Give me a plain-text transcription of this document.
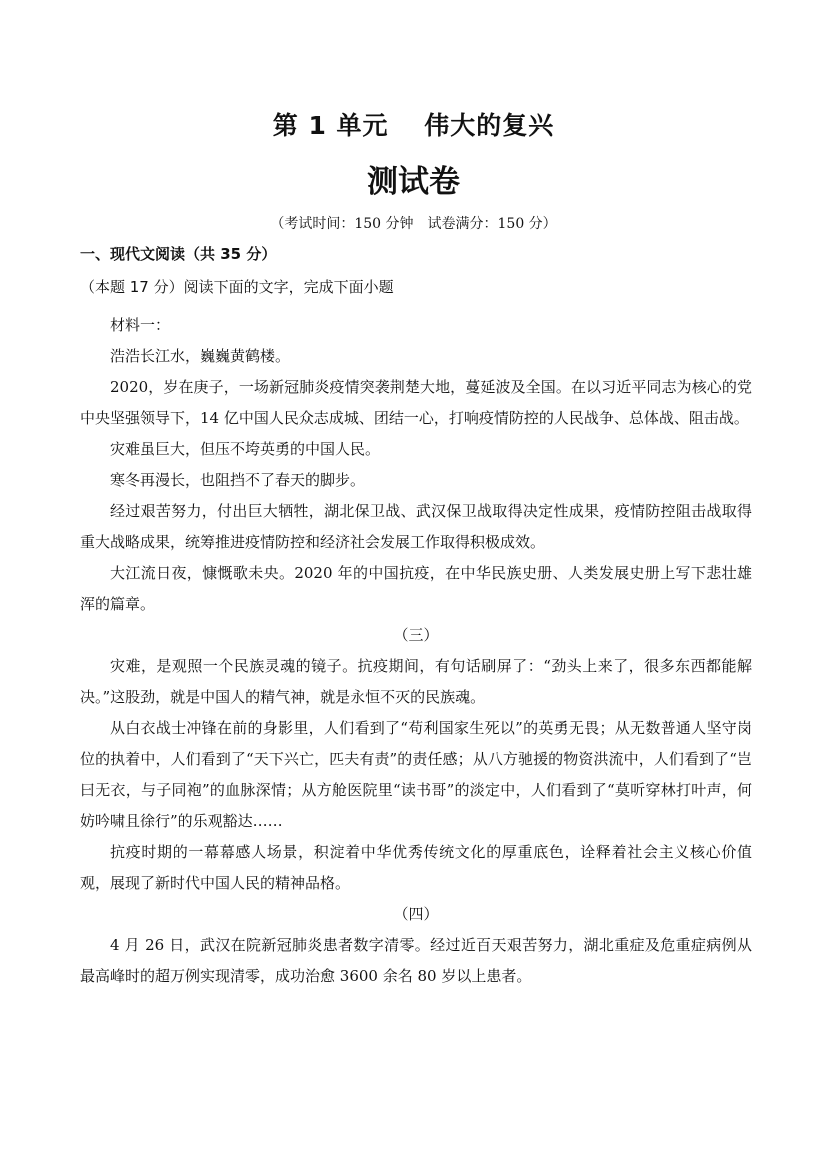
第 1 单元　 伟大的复兴
测试卷
（考试时间：150 分钟　试卷满分：150 分）
一、现代文阅读（共 35 分）
（本题 17 分）阅读下面的文字，完成下面小题

材料一：

浩浩长江水，巍巍黄鹤楼。

2020，岁在庚子，一场新冠肺炎疫情突袭荆楚大地，蔓延波及全国。在以习近平同志为核心的党中央坚强领导下，14 亿中国人民众志成城、团结一心，打响疫情防控的人民战争、总体战、阻击战。

灾难虽巨大，但压不垮英勇的中国人民。

寒冬再漫长，也阻挡不了春天的脚步。

经过艰苦努力，付出巨大牺牲，湖北保卫战、武汉保卫战取得决定性成果，疫情防控阻击战取得重大战略成果，统筹推进疫情防控和经济社会发展工作取得积极成效。

大江流日夜，慷慨歌未央。2020 年的中国抗疫，在中华民族史册、人类发展史册上写下悲壮雄浑的篇章。

（三）

灾难，是观照一个民族灵魂的镜子。抗疫期间，有句话刷屏了：“劲头上来了，很多东西都能解决。”这股劲，就是中国人的精气神，就是永恒不灭的民族魂。

从白衣战士冲锋在前的身影里，人们看到了“苟利国家生死以”的英勇无畏；从无数普通人坚守岗位的执着中，人们看到了“天下兴亡，匹夫有责”的责任感；从八方驰援的物资洪流中，人们看到了“岂曰无衣，与子同袍”的血脉深情；从方舱医院里“读书哥”的淡定中，人们看到了“莫听穿林打叶声，何妨吟啸且徐行”的乐观豁达……

抗疫时期的一幕幕感人场景，积淀着中华优秀传统文化的厚重底色，诠释着社会主义核心价值观，展现了新时代中国人民的精神品格。

（四）

4 月 26 日，武汉在院新冠肺炎患者数字清零。经过近百天艰苦努力，湖北重症及危重症病例从最高峰时的超万例实现清零，成功治愈 3600 余名 80 岁以上患者。
